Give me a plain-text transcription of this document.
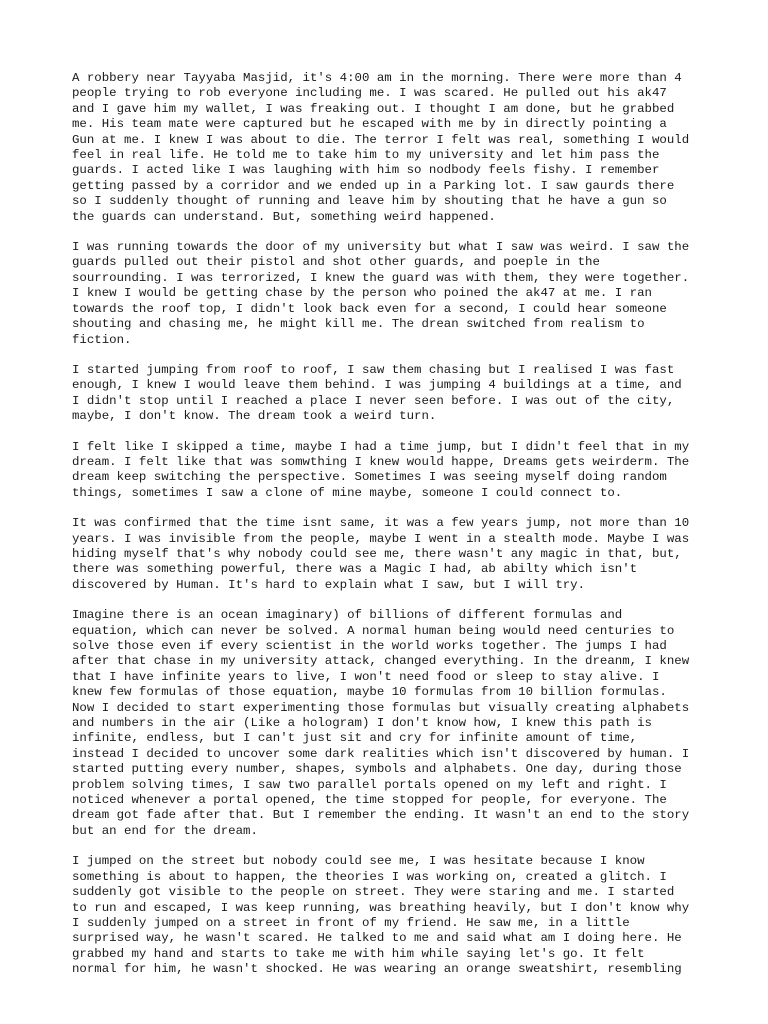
A robbery near Tayyaba Masjid, it's 4:00 am in the morning. There were more than 4
people trying to rob everyone including me. I was scared. He pulled out his ak47
and I gave him my wallet, I was freaking out. I thought I am done, but he grabbed
me. His team mate were captured but he escaped with me by in directly pointing a
Gun at me. I knew I was about to die. The terror I felt was real, something I would
feel in real life. He told me to take him to my university and let him pass the
guards. I acted like I was laughing with him so nodbody feels fishy. I remember
getting passed by a corridor and we ended up in a Parking lot. I saw gaurds there
so I suddenly thought of running and leave him by shouting that he have a gun so
the guards can understand. But, something weird happened.

I was running towards the door of my university but what I saw was weird. I saw the
guards pulled out their pistol and shot other guards, and poeple in the
sourrounding. I was terrorized, I knew the guard was with them, they were together.
I knew I would be getting chase by the person who poined the ak47 at me. I ran
towards the roof top, I didn't look back even for a second, I could hear someone
shouting and chasing me, he might kill me. The drean switched from realism to
fiction.

I started jumping from roof to roof, I saw them chasing but I realised I was fast
enough, I knew I would leave them behind. I was jumping 4 buildings at a time, and
I didn't stop until I reached a place I never seen before. I was out of the city,
maybe, I don't know. The dream took a weird turn.

I felt like I skipped a time, maybe I had a time jump, but I didn't feel that in my
dream. I felt like that was somwthing I knew would happe, Dreams gets weirderm. The
dream keep switching the perspective. Sometimes I was seeing myself doing random
things, sometimes I saw a clone of mine maybe, someone I could connect to.

It was confirmed that the time isnt same, it was a few years jump, not more than 10
years. I was invisible from the people, maybe I went in a stealth mode. Maybe I was
hiding myself that's why nobody could see me, there wasn't any magic in that, but,
there was something powerful, there was a Magic I had, ab abilty which isn't
discovered by Human. It's hard to explain what I saw, but I will try.

Imagine there is an ocean imaginary) of billions of different formulas and
equation, which can never be solved. A normal human being would need centuries to
solve those even if every scientist in the world works together. The jumps I had
after that chase in my university attack, changed everything. In the dreanm, I knew
that I have infinite years to live, I won't need food or sleep to stay alive. I
knew few formulas of those equation, maybe 10 formulas from 10 billion formulas.
Now I decided to start experimenting those formulas but visually creating alphabets
and numbers in the air (Like a hologram) I don't know how, I knew this path is
infinite, endless, but I can't just sit and cry for infinite amount of time,
instead I decided to uncover some dark realities which isn't discovered by human. I
started putting every number, shapes, symbols and alphabets. One day, during those
problem solving times, I saw two parallel portals opened on my left and right. I
noticed whenever a portal opened, the time stopped for people, for everyone. The
dream got fade after that. But I remember the ending. It wasn't an end to the story
but an end for the dream.

I jumped on the street but nobody could see me, I was hesitate because I know
something is about to happen, the theories I was working on, created a glitch. I
suddenly got visible to the people on street. They were staring and me. I started
to run and escaped, I was keep running, was breathing heavily, but I don't know why
I suddenly jumped on a street in front of my friend. He saw me, in a little
surprised way, he wasn't scared. He talked to me and said what am I doing here. He
grabbed my hand and starts to take me with him while saying let's go. It felt
normal for him, he wasn't shocked. He was wearing an orange sweatshirt, resembling
